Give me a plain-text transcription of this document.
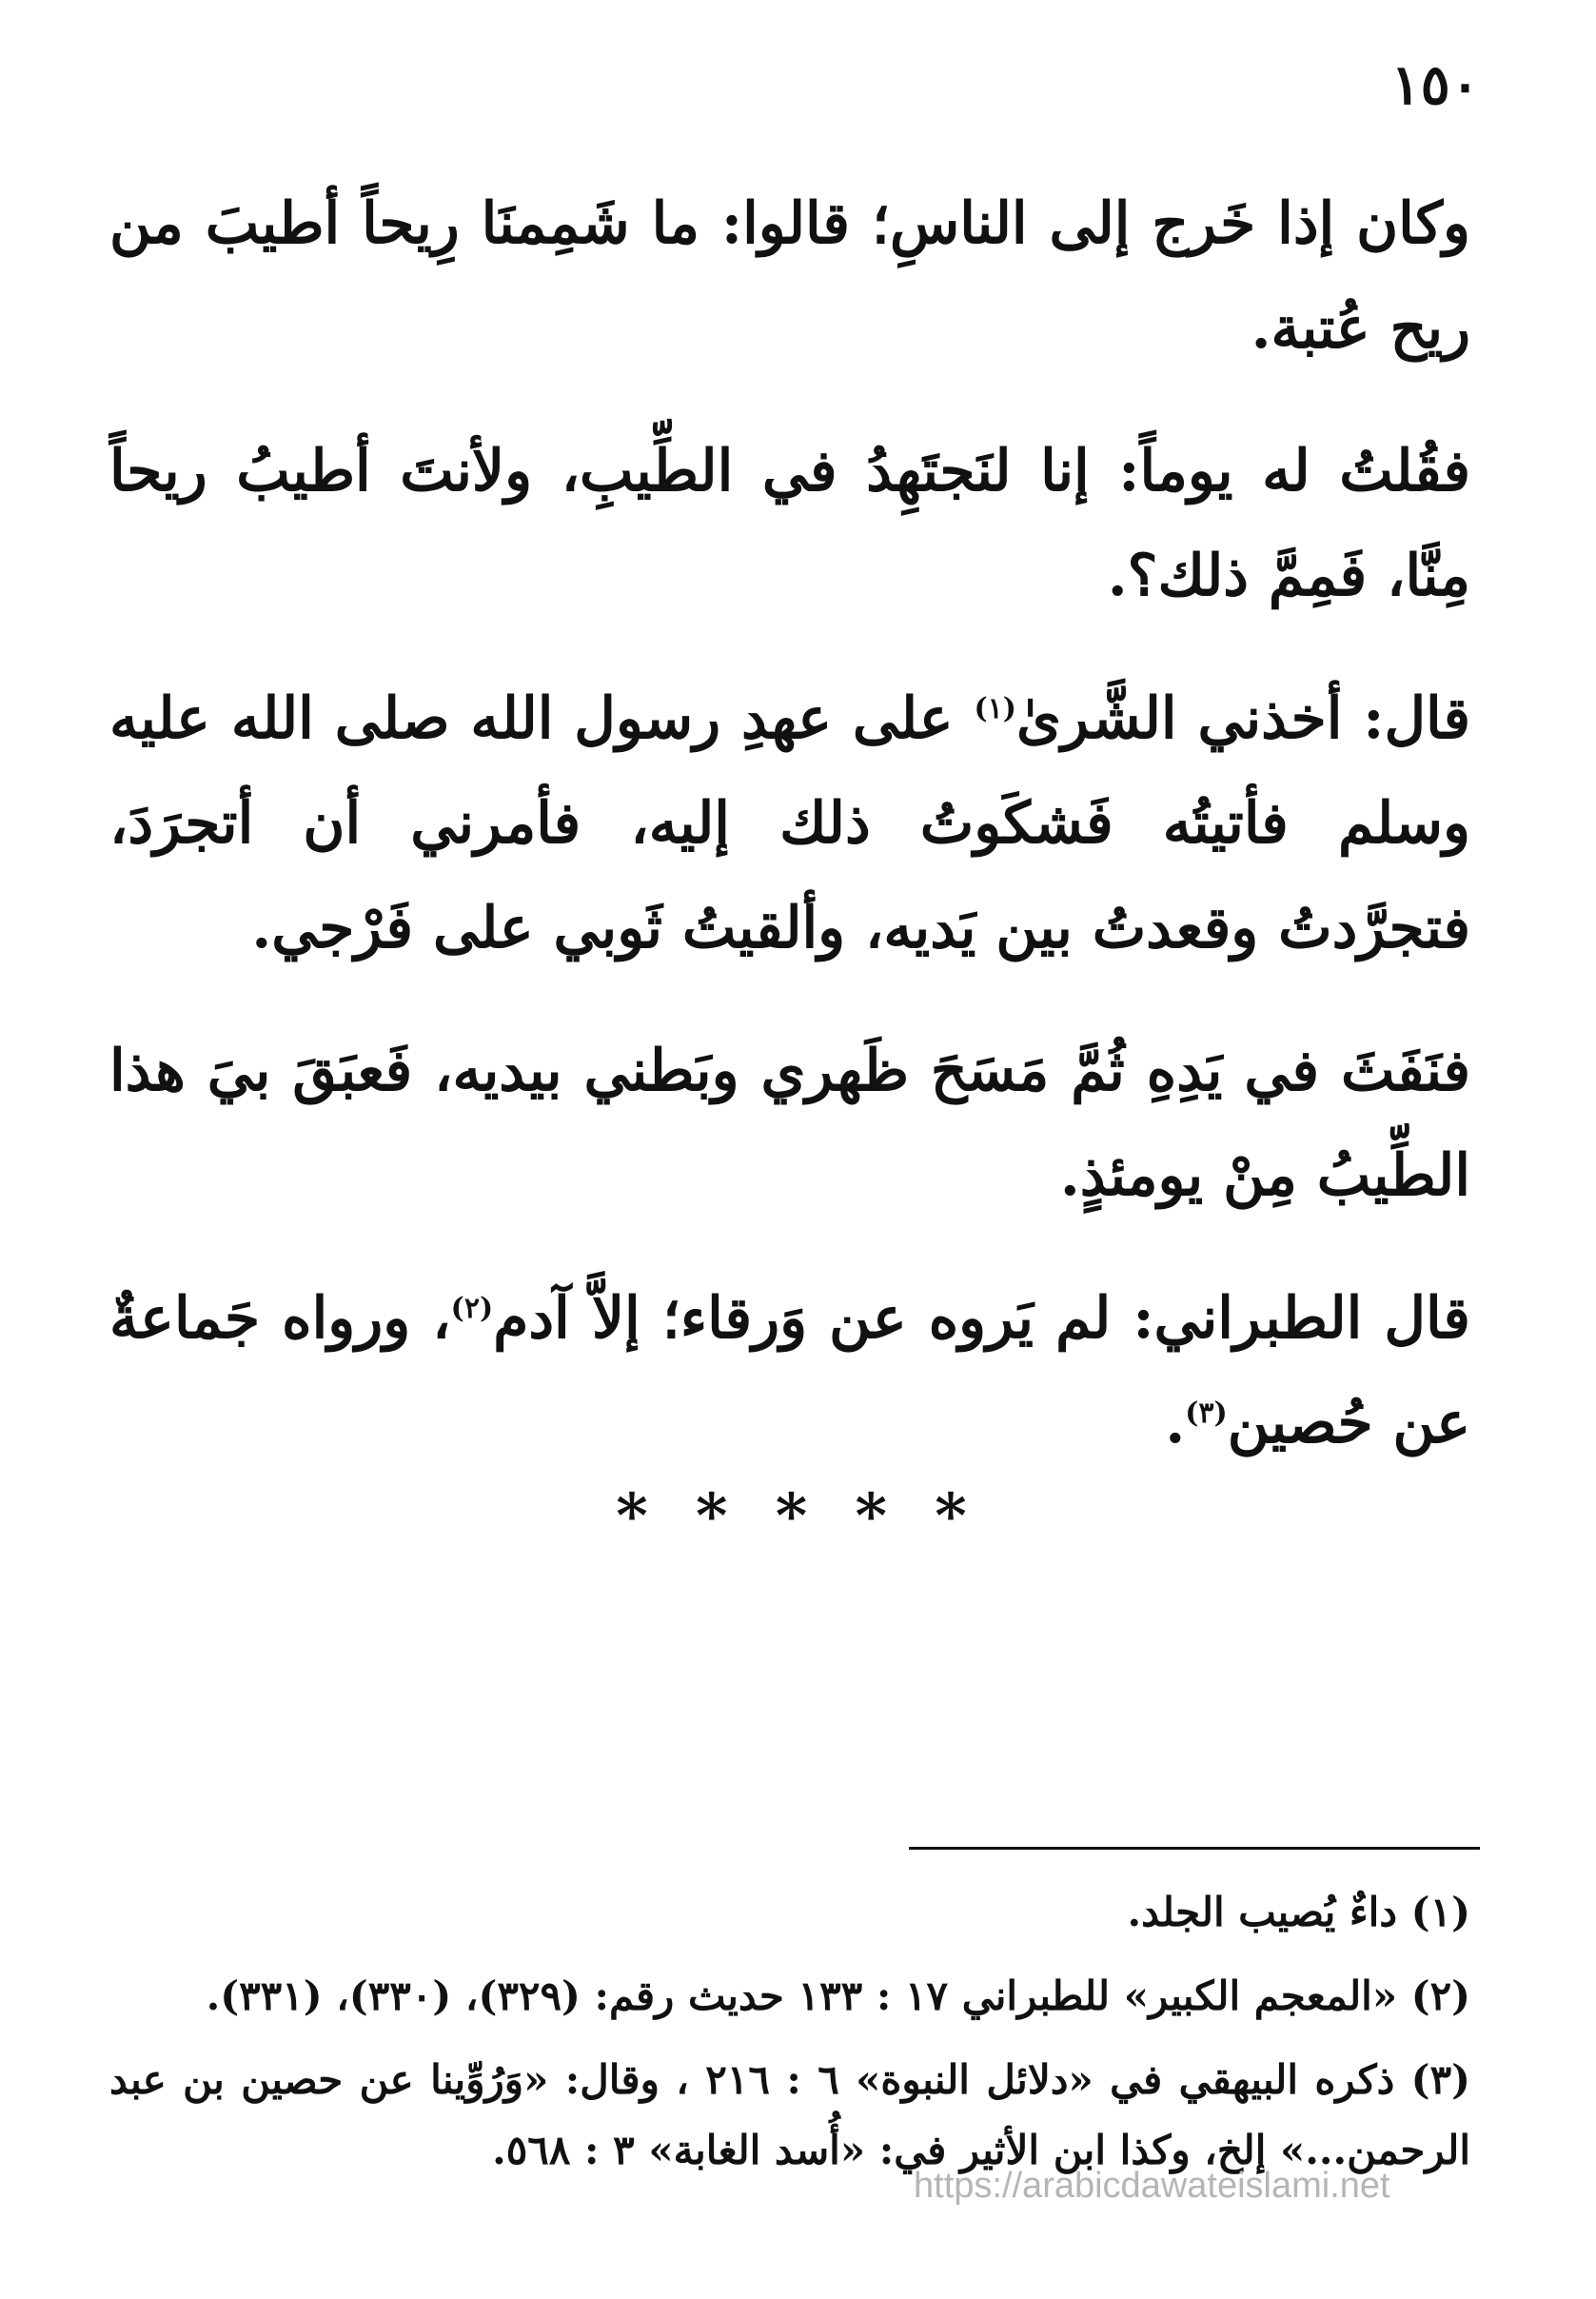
١٥٠

وكان إذا خَرج إلى الناسِ؛ قالوا: ما شَمِمنَا رِيحاً أطيبَ من ريح عُتبة.

فقُلتُ له يوماً: إنا لنَجتَهِدُ في الطِّيبِ، ولأنتَ أطيبُ ريحاً مِنَّا، فَمِمَّ ذلك؟.

قال: أخذني الشَّرىٰ$^{(١)}$ على عهدِ رسول الله صلى الله عليه وسلم فأتيتُه فَشكَوتُ ذلك إليه، فأمرني أن أتجرَدَ، فتجرَّدتُ وقعدتُ بين يَديه، وألقيتُ ثَوبي على فَرْجي.

فنَفَثَ في يَدِهِ ثُمَّ مَسَحَ ظَهري وبَطني بيديه، فَعبَقَ بيَ هذا الطِّيبُ مِنْ يومئذٍ.

قال الطبراني: لم يَروه عن وَرقاء؛ إلاَّ آدم$^{(٢)}$، ورواه جَماعةٌ عن حُصين$^{(٣)}$.

* * * * *

(١) داءٌ يُصيب الجلد.

(٢) «المعجم الكبير» للطبراني ١٧ : ١٣٣ حديث رقم: (٣٢٩)، (٣٣٠)، (٣٣١).

(٣) ذكره البيهقي في «دلائل النبوة» ٦ : ٢١٦ ، وقال: «وَرُوِّينا عن حصين بن عبد الرحمن...» إلخ، وكذا ابن الأثير في: «أُسد الغابة» ٣ : ٥٦٨.

https://arabicdawateislami.net
